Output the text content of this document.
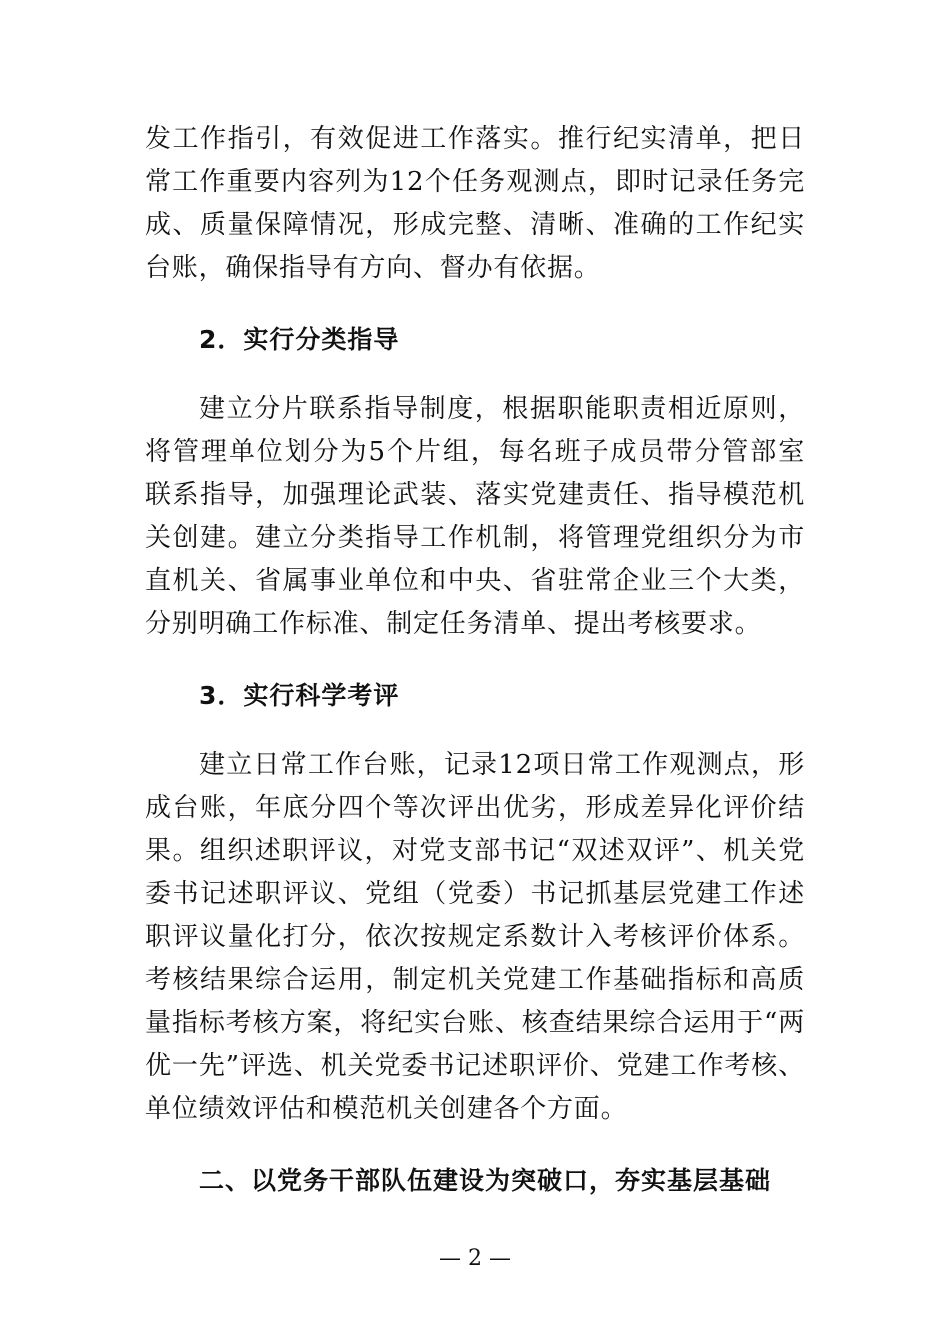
发工作指引，有效促进工作落实。推行纪实清单，把日常工作重要内容列为12个任务观测点，即时记录任务完成、质量保障情况，形成完整、清晰、准确的工作纪实台账，确保指导有方向、督办有依据。

2．实行分类指导

建立分片联系指导制度，根据职能职责相近原则，将管理单位划分为5个片组，每名班子成员带分管部室联系指导，加强理论武装、落实党建责任、指导模范机关创建。建立分类指导工作机制，将管理党组织分为市直机关、省属事业单位和中央、省驻常企业三个大类，分别明确工作标准、制定任务清单、提出考核要求。

3．实行科学考评

建立日常工作台账，记录12项日常工作观测点，形成台账，年底分四个等次评出优劣，形成差异化评价结果。组织述职评议，对党支部书记“双述双评”、机关党委书记述职评议、党组（党委）书记抓基层党建工作述职评议量化打分，依次按规定系数计入考核评价体系。考核结果综合运用，制定机关党建工作基础指标和高质量指标考核方案，将纪实台账、核查结果综合运用于“两优一先”评选、机关党委书记述职评价、党建工作考核、单位绩效评估和模范机关创建各个方面。

二、以党务干部队伍建设为突破口，夯实基层基础

— 2 —
